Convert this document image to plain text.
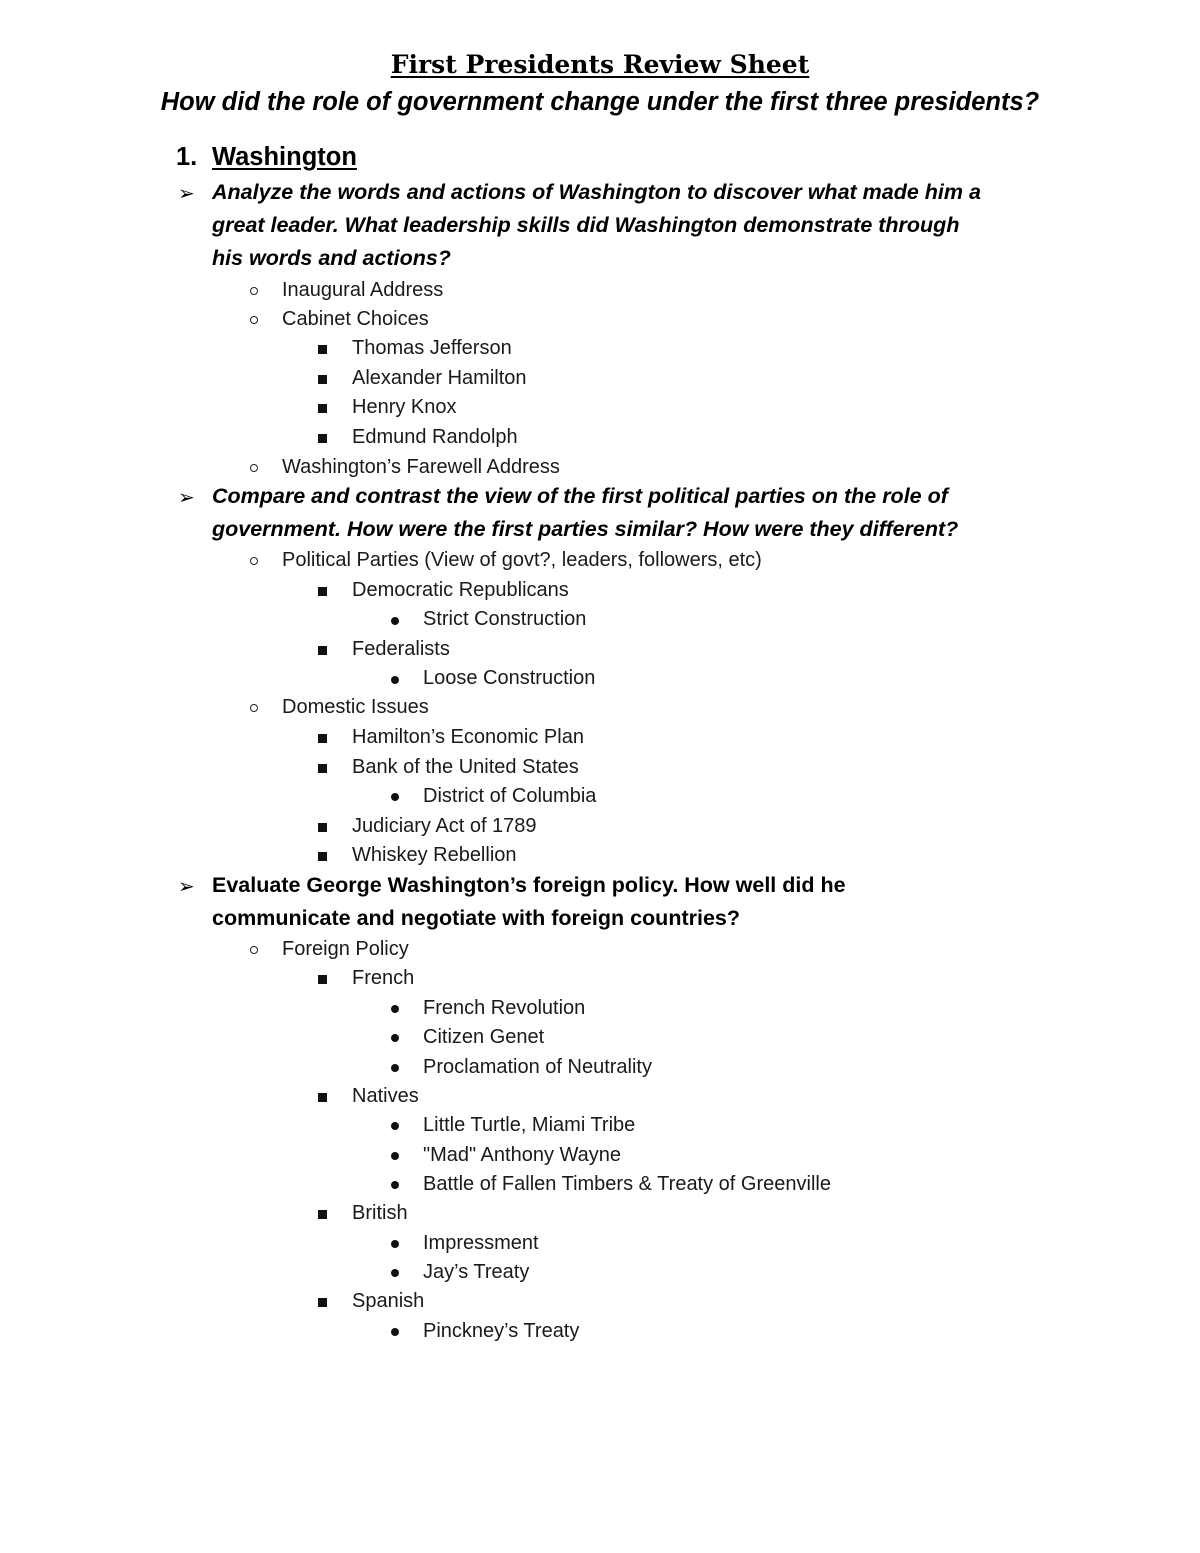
First Presidents Review Sheet
How did the role of government change under the first three presidents?
1. Washington
➢ Analyze the words and actions of Washington to discover what made him a
great leader. What leadership skills did Washington demonstrate through
his words and actions?
Inaugural Address
Cabinet Choices
Thomas Jefferson
Alexander Hamilton
Henry Knox
Edmund Randolph
Washington’s Farewell Address
➢ Compare and contrast the view of the first political parties on the role of
government. How were the first parties similar? How were they different?
Political Parties (View of govt?, leaders, followers, etc)
Democratic Republicans
Strict Construction
Federalists
Loose Construction
Domestic Issues
Hamilton’s Economic Plan
Bank of the United States
District of Columbia
Judiciary Act of 1789
Whiskey Rebellion
➢ Evaluate George Washington’s foreign policy. How well did he
communicate and negotiate with foreign countries?
Foreign Policy
French
French Revolution
Citizen Genet
Proclamation of Neutrality
Natives
Little Turtle, Miami Tribe
"Mad" Anthony Wayne
Battle of Fallen Timbers & Treaty of Greenville
British
Impressment
Jay’s Treaty
Spanish
Pinckney’s Treaty
